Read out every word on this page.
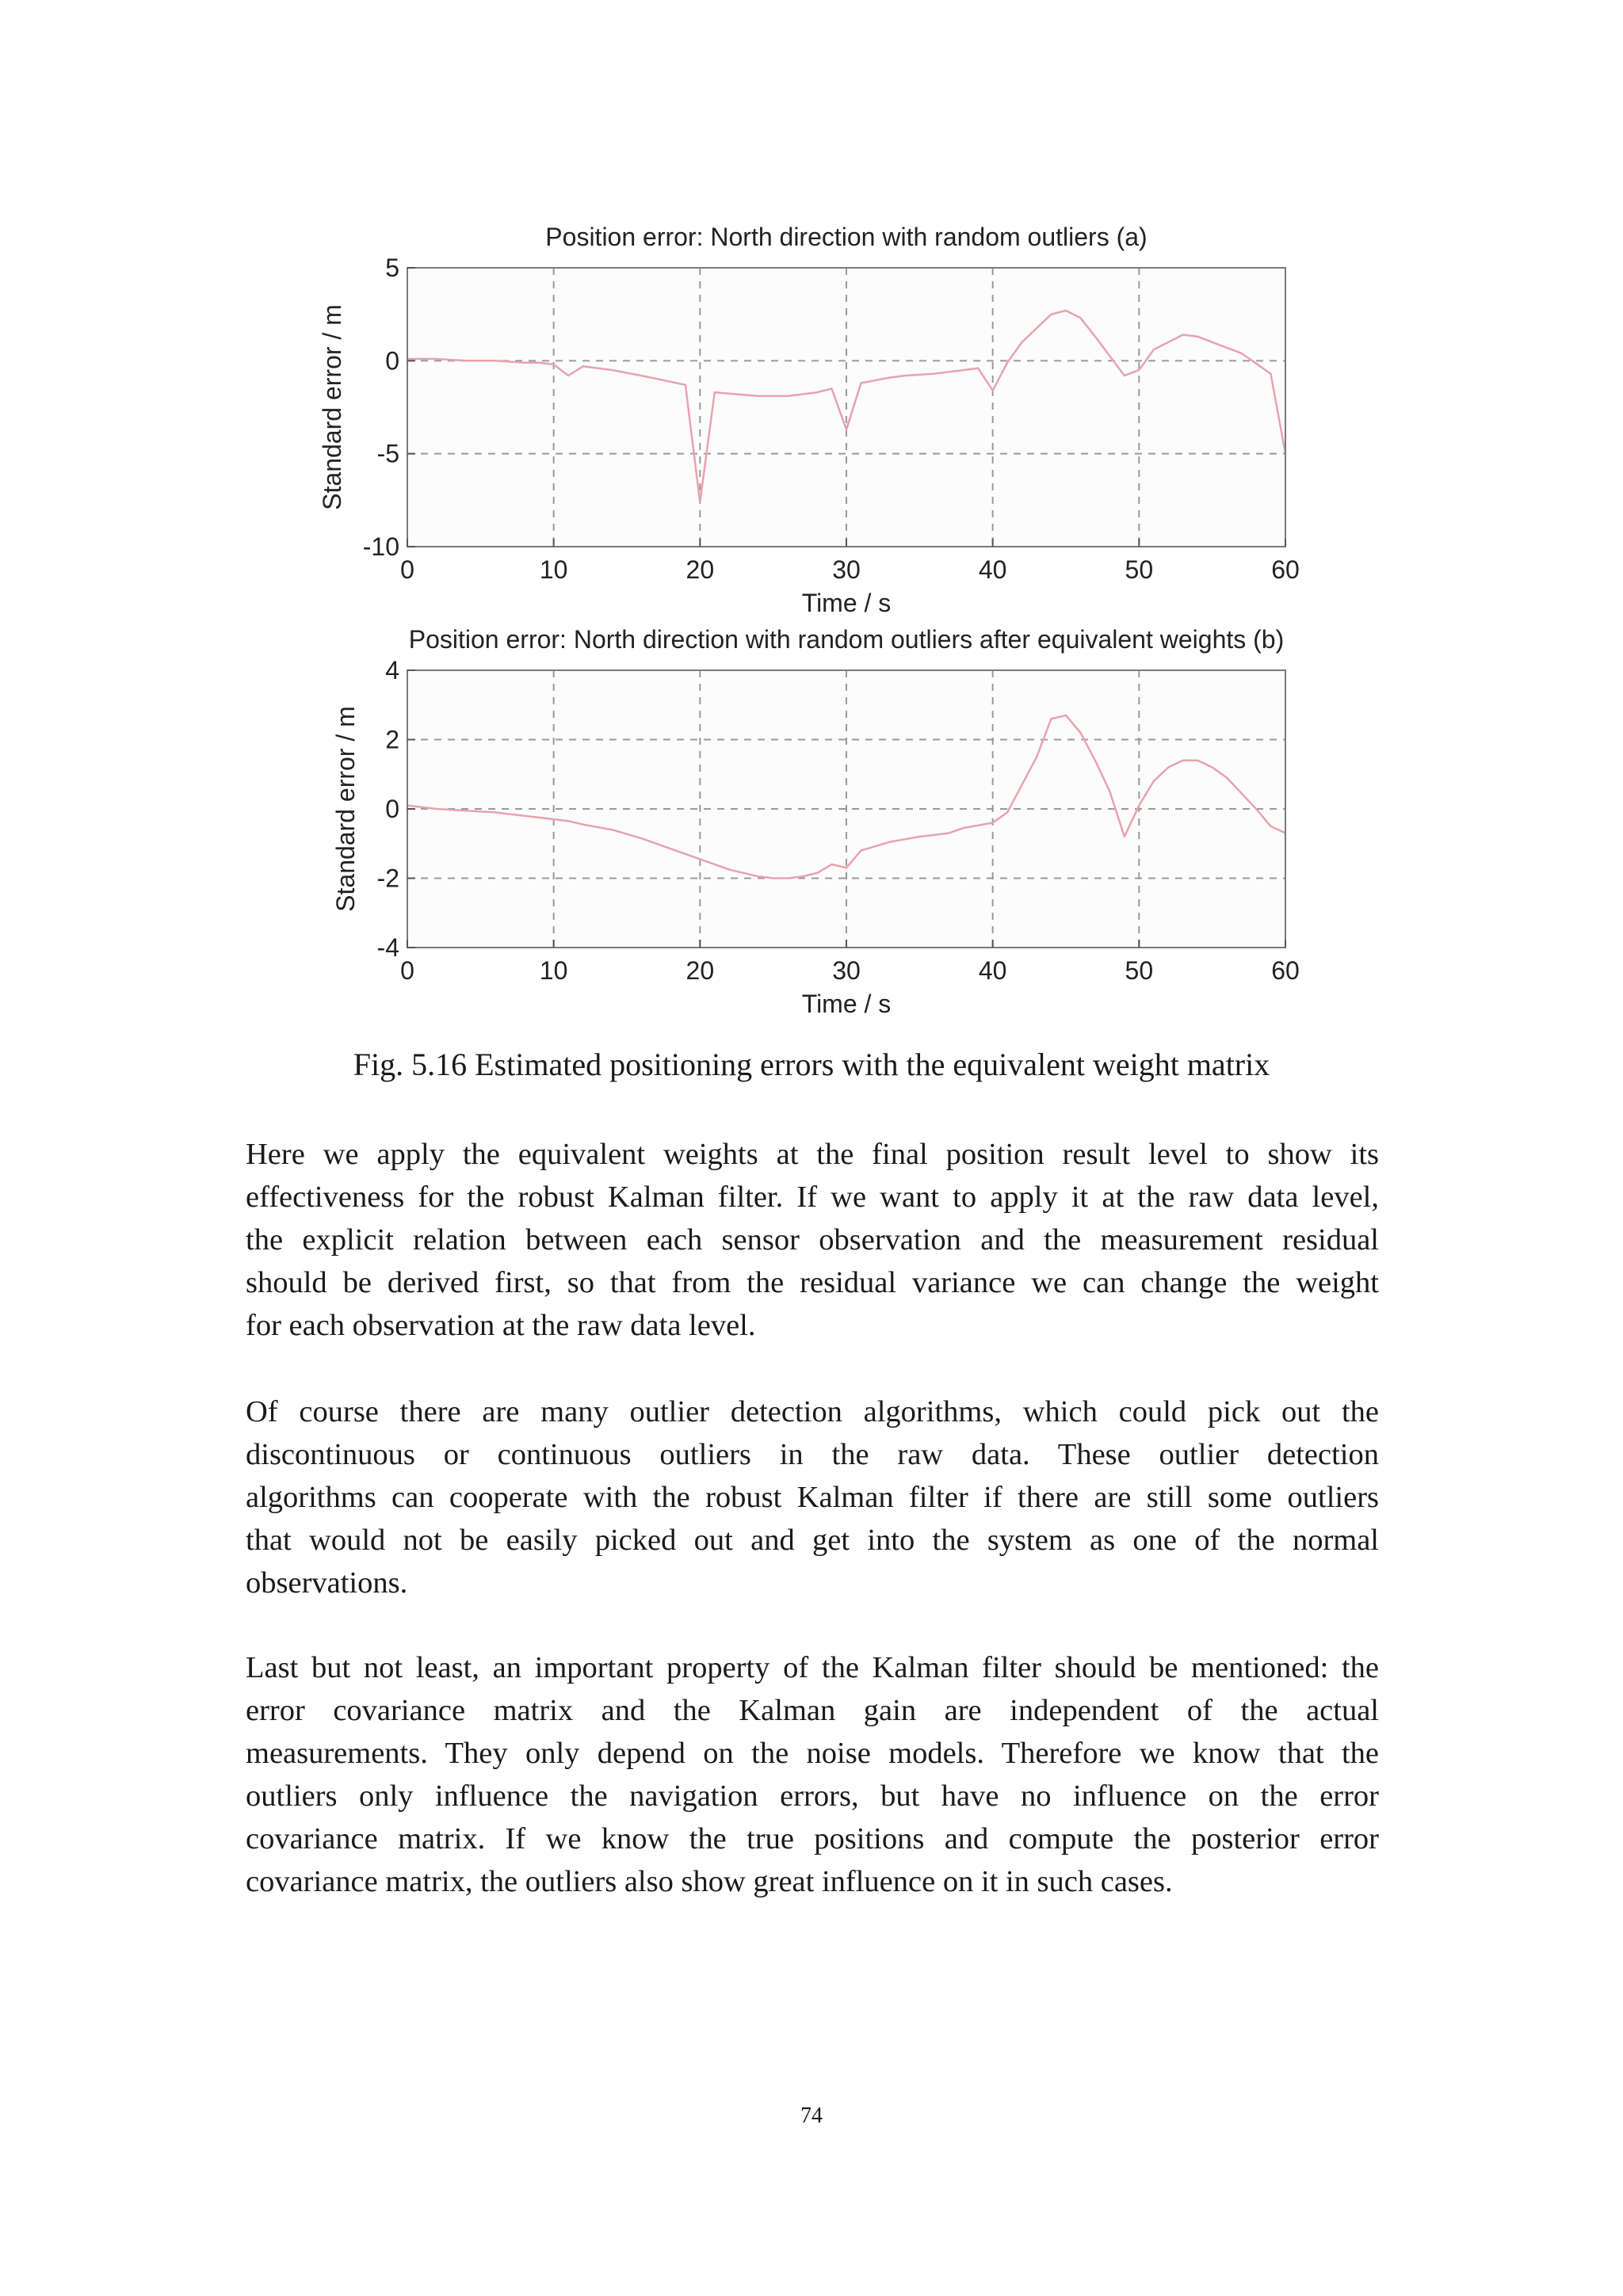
0	10	20	30	40	50	60
5
0
-5
-10
Position error: North direction with random outliers (a)
Time / s
Standard error / m
0	10	20	30	40	50	60
4
2
0
-2
-4
Position error: North direction with random outliers after equivalent weights (b)
Time / s
Standard error / m
Fig. 5.16 Estimated positioning errors with the equivalent weight matrix
Here we apply the equivalent weights at the final position result level to show its
effectiveness for the robust Kalman filter. If we want to apply it at the raw data level,
the explicit relation between each sensor observation and the measurement residual
should be derived first, so that from the residual variance we can change the weight
for each observation at the raw data level.
Of course there are many outlier detection algorithms, which could pick out the
discontinuous or continuous outliers in the raw data. These outlier detection
algorithms can cooperate with the robust Kalman filter if there are still some outliers
that would not be easily picked out and get into the system as one of the normal
observations.
Last but not least, an important property of the Kalman filter should be mentioned: the
error covariance matrix and the Kalman gain are independent of the actual
measurements. They only depend on the noise models. Therefore we know that the
outliers only influence the navigation errors, but have no influence on the error
covariance matrix. If we know the true positions and compute the posterior error
covariance matrix, the outliers also show great influence on it in such cases.
74
